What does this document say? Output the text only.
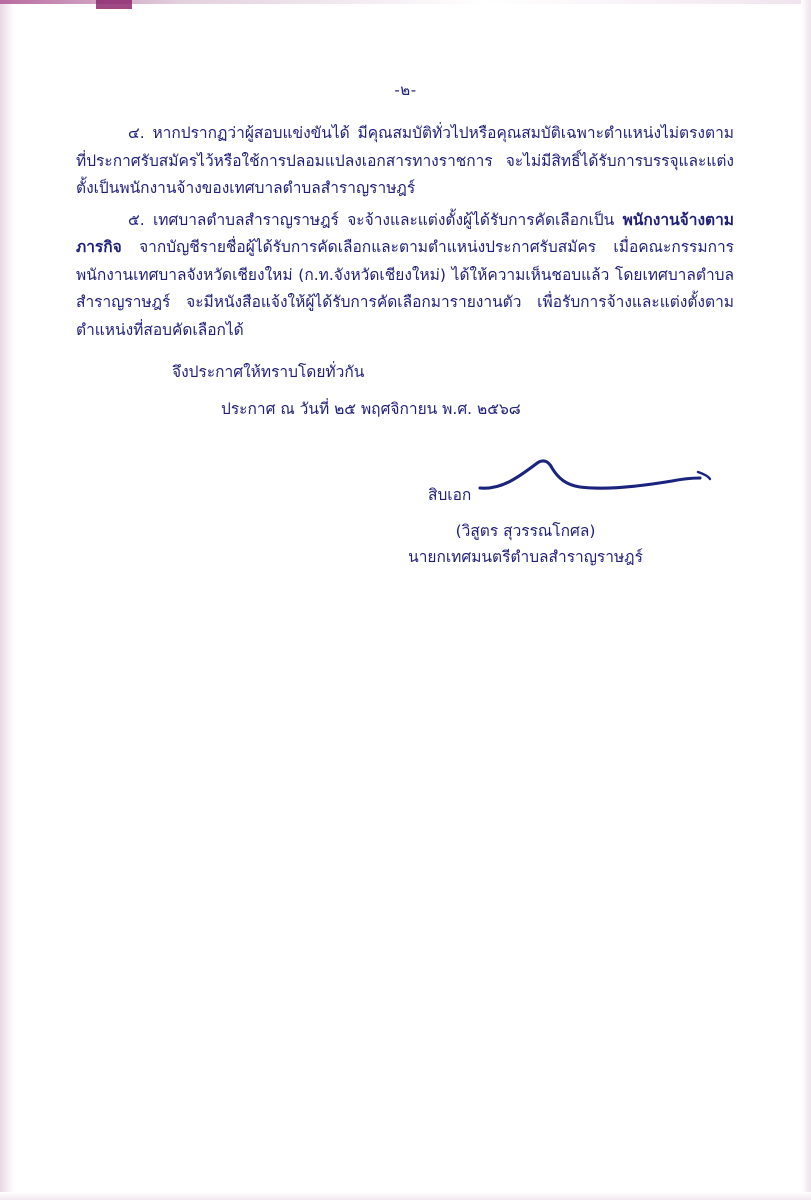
-๒-

๔. หากปรากฏว่าผู้สอบแข่งขันได้ มีคุณสมบัติทั่วไปหรือคุณสมบัติเฉพาะตำแหน่งไม่ตรงตามที่ประกาศรับสมัครไว้หรือใช้การปลอมแปลงเอกสารทางราชการ จะไม่มีสิทธิ์ได้รับการบรรจุและแต่งตั้งเป็นพนักงานจ้างของเทศบาลตำบลสำราญราษฎร์

๕. เทศบาลตำบลสำราญราษฎร์ จะจ้างและแต่งตั้งผู้ได้รับการคัดเลือกเป็น พนักงานจ้างตามภารกิจ จากบัญชีรายชื่อผู้ได้รับการคัดเลือกและตามตำแหน่งประกาศรับสมัคร เมื่อคณะกรรมการพนักงานเทศบาลจังหวัดเชียงใหม่ (ก.ท.จังหวัดเชียงใหม่) ได้ให้ความเห็นชอบแล้ว โดยเทศบาลตำบลสำราญราษฎร์ จะมีหนังสือแจ้งให้ผู้ได้รับการคัดเลือกมารายงานตัว เพื่อรับการจ้างและแต่งตั้งตามตำแหน่งที่สอบคัดเลือกได้

จึงประกาศให้ทราบโดยทั่วกัน

ประกาศ ณ วันที่ ๒๕ พฤศจิกายน พ.ศ. ๒๕๖๘

สิบเอก
(วิสูตร สุวรรณโกศล)
นายกเทศมนตรีตำบลสำราญราษฎร์
